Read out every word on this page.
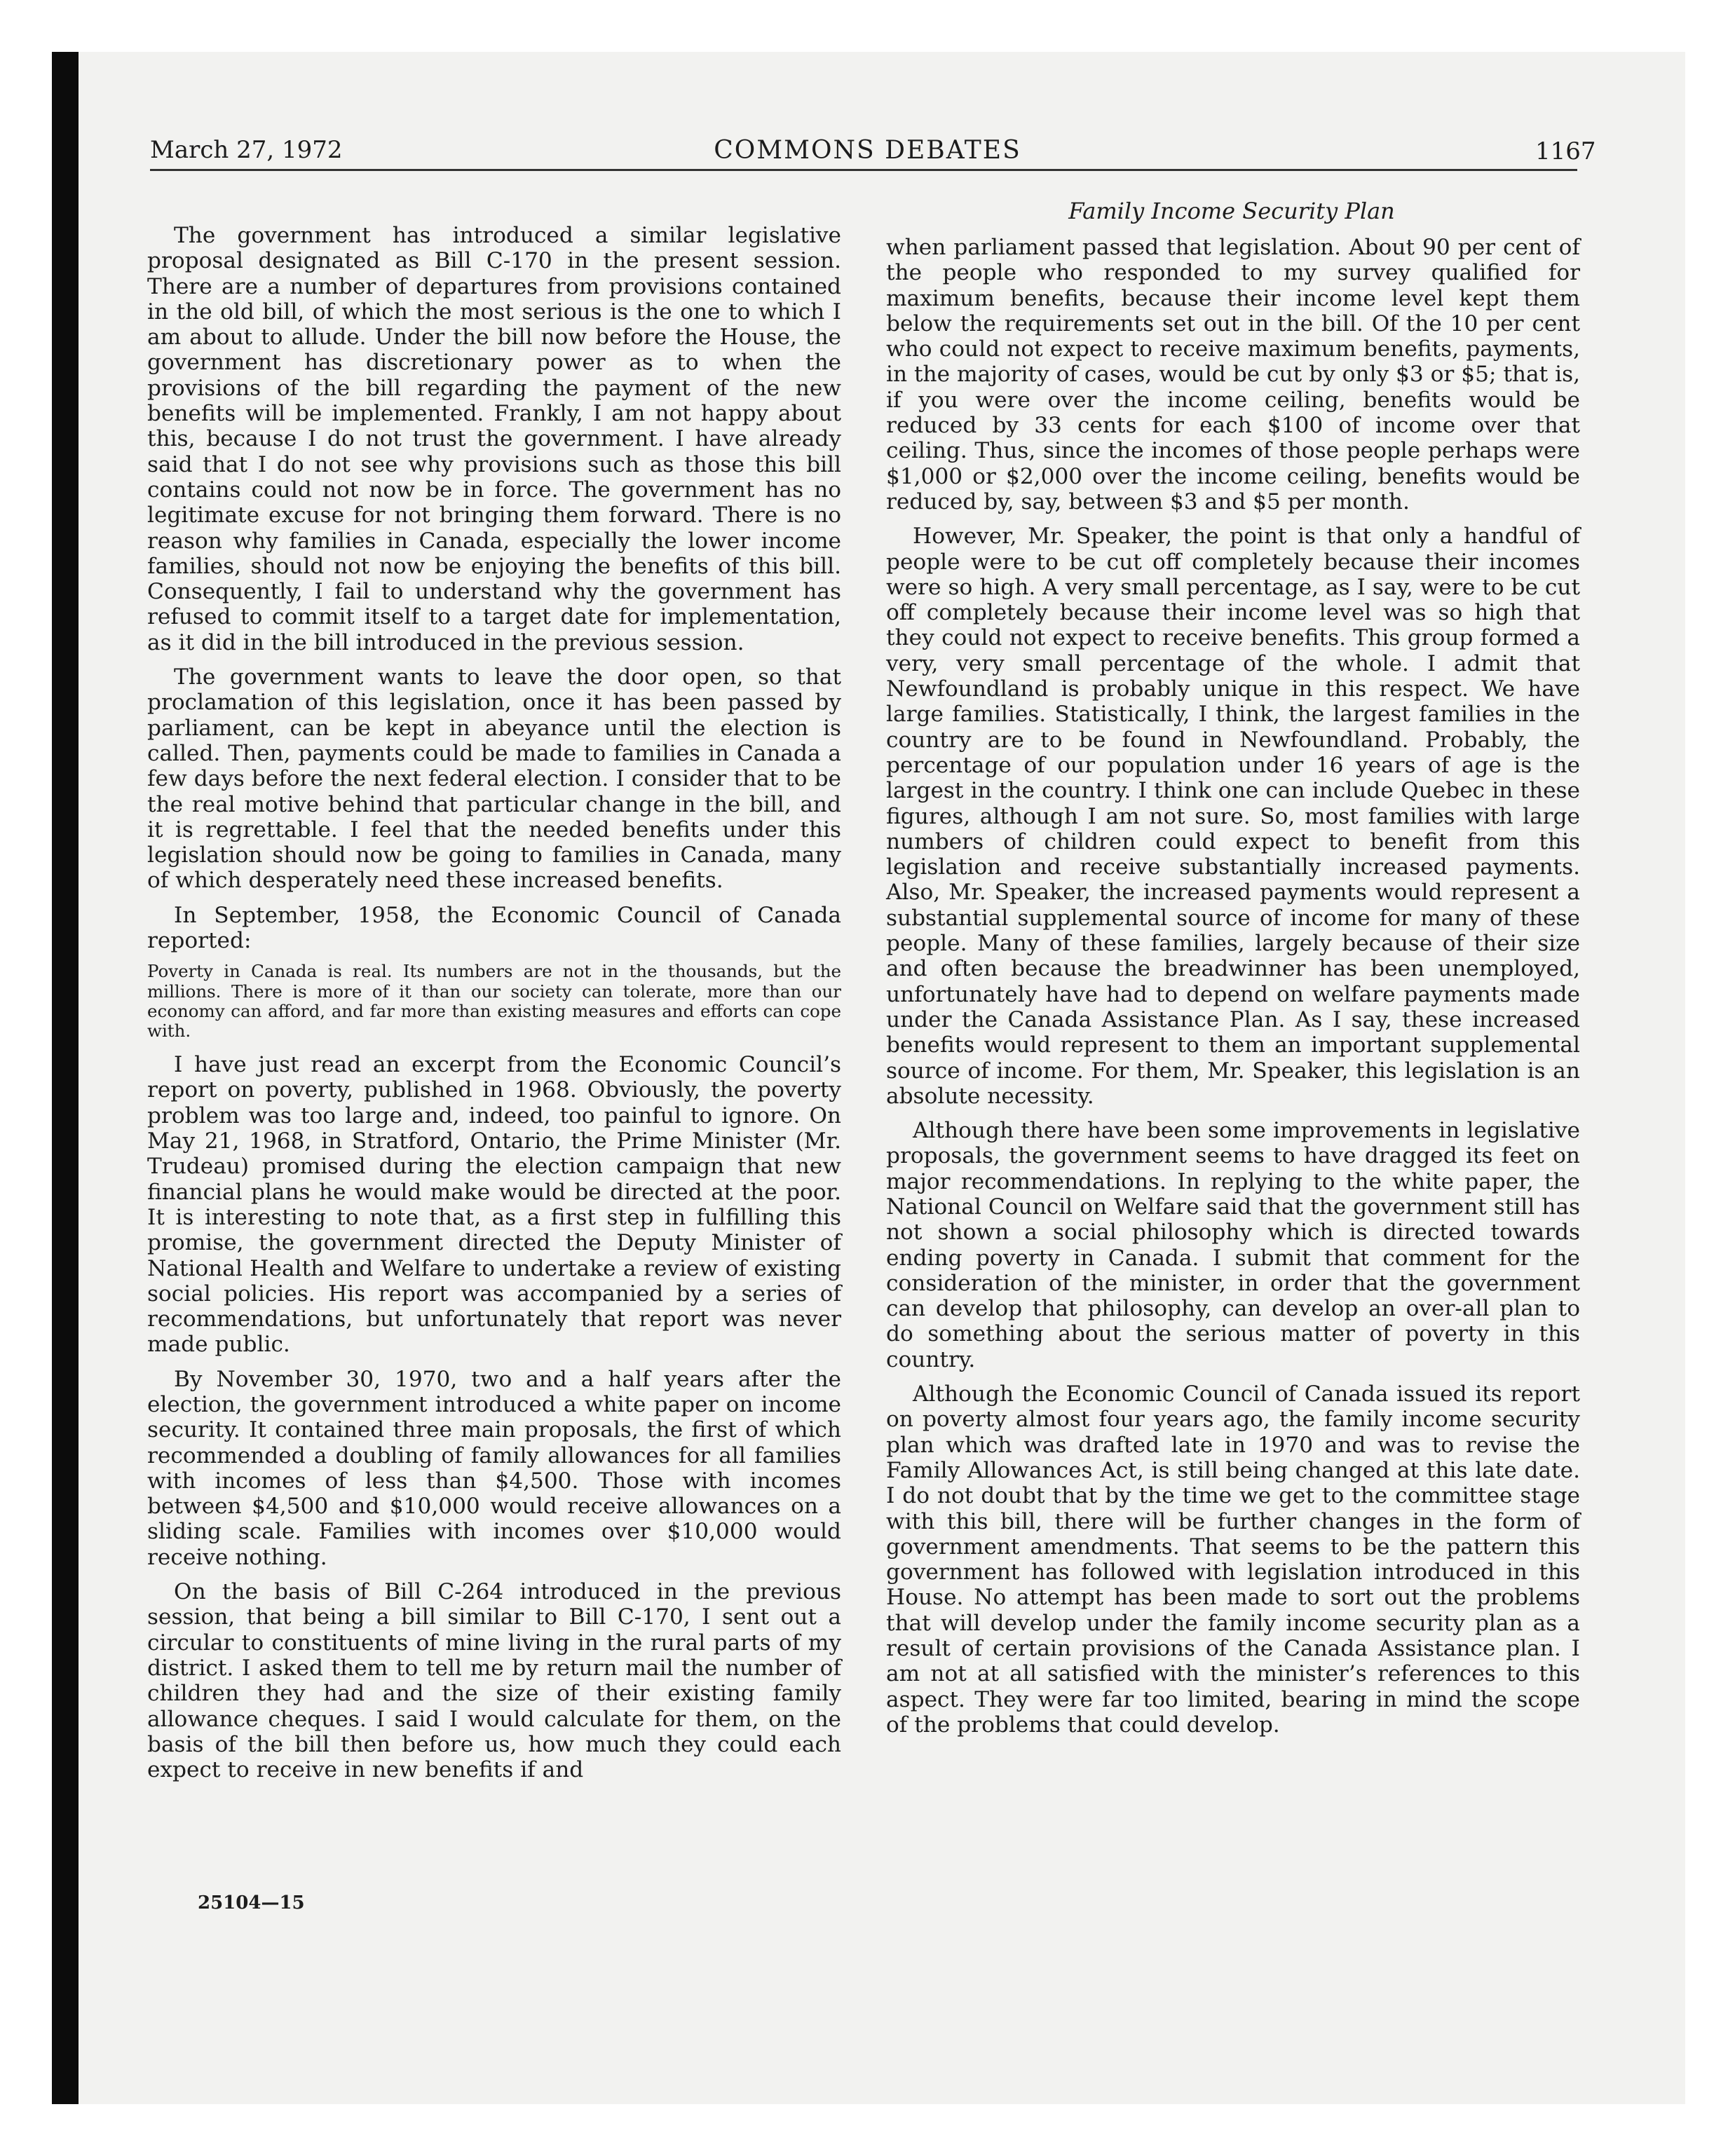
March 27, 1972	COMMONS DEBATES	1167
Family Income Security Plan

The government has introduced a similar legislative proposal designated as Bill C-170 in the present session. There are a number of departures from provisions contained in the old bill, of which the most serious is the one to which I am about to allude. Under the bill now before the House, the government has discretionary power as to when the provisions of the bill regarding the payment of the new benefits will be implemented. Frankly, I am not happy about this, because I do not trust the government. I have already said that I do not see why provisions such as those this bill contains could not now be in force. The government has no legitimate excuse for not bringing them forward. There is no reason why families in Canada, especially the lower income families, should not now be enjoying the benefits of this bill. Consequently, I fail to understand why the government has refused to commit itself to a target date for implementation, as it did in the bill introduced in the previous session.

The government wants to leave the door open, so that proclamation of this legislation, once it has been passed by parliament, can be kept in abeyance until the election is called. Then, payments could be made to families in Canada a few days before the next federal election. I consider that to be the real motive behind that particular change in the bill, and it is regrettable. I feel that the needed benefits under this legislation should now be going to families in Canada, many of which desperately need these increased benefits.

In September, 1958, the Economic Council of Canada reported:

Poverty in Canada is real. Its numbers are not in the thousands, but the millions. There is more of it than our society can tolerate, more than our economy can afford, and far more than existing measures and efforts can cope with.

I have just read an excerpt from the Economic Council’s report on poverty, published in 1968. Obviously, the poverty problem was too large and, indeed, too painful to ignore. On May 21, 1968, in Stratford, Ontario, the Prime Minister (Mr. Trudeau) promised during the election campaign that new financial plans he would make would be directed at the poor. It is interesting to note that, as a first step in fulfilling this promise, the government directed the Deputy Minister of National Health and Welfare to undertake a review of existing social policies. His report was accompanied by a series of recommendations, but unfortunately that report was never made public.

By November 30, 1970, two and a half years after the election, the government introduced a white paper on income security. It contained three main proposals, the first of which recommended a doubling of family allowances for all families with incomes of less than $4,500. Those with incomes between $4,500 and $10,000 would receive allowances on a sliding scale. Families with incomes over $10,000 would receive nothing.

On the basis of Bill C-264 introduced in the previous session, that being a bill similar to Bill C-170, I sent out a circular to constituents of mine living in the rural parts of my district. I asked them to tell me by return mail the number of children they had and the size of their existing family allowance cheques. I said I would calculate for them, on the basis of the bill then before us, how much they could each expect to receive in new benefits if and

when parliament passed that legislation. About 90 per cent of the people who responded to my survey qualified for maximum benefits, because their income level kept them below the requirements set out in the bill. Of the 10 per cent who could not expect to receive maximum benefits, payments, in the majority of cases, would be cut by only $3 or $5; that is, if you were over the income ceiling, benefits would be reduced by 33 cents for each $100 of income over that ceiling. Thus, since the incomes of those people perhaps were $1,000 or $2,000 over the income ceiling, benefits would be reduced by, say, between $3 and $5 per month.

However, Mr. Speaker, the point is that only a handful of people were to be cut off completely because their incomes were so high. A very small percentage, as I say, were to be cut off completely because their income level was so high that they could not expect to receive benefits. This group formed a very, very small percentage of the whole. I admit that Newfoundland is probably unique in this respect. We have large families. Statistically, I think, the largest families in the country are to be found in Newfoundland. Probably, the percentage of our population under 16 years of age is the largest in the country. I think one can include Quebec in these figures, although I am not sure. So, most families with large numbers of children could expect to benefit from this legislation and receive substantially increased payments. Also, Mr. Speaker, the increased payments would represent a substantial supplemental source of income for many of these people. Many of these families, largely because of their size and often because the breadwinner has been unemployed, unfortunately have had to depend on welfare payments made under the Canada Assistance Plan. As I say, these increased benefits would represent to them an important supplemental source of income. For them, Mr. Speaker, this legislation is an absolute necessity.

Although there have been some improvements in legislative proposals, the government seems to have dragged its feet on major recommendations. In replying to the white paper, the National Council on Welfare said that the government still has not shown a social philosophy which is directed towards ending poverty in Canada. I submit that comment for the consideration of the minister, in order that the government can develop that philosophy, can develop an over-all plan to do something about the serious matter of poverty in this country.

Although the Economic Council of Canada issued its report on poverty almost four years ago, the family income security plan which was drafted late in 1970 and was to revise the Family Allowances Act, is still being changed at this late date. I do not doubt that by the time we get to the committee stage with this bill, there will be further changes in the form of government amendments. That seems to be the pattern this government has followed with legislation introduced in this House. No attempt has been made to sort out the problems that will develop under the family income security plan as a result of certain provisions of the Canada Assistance plan. I am not at all satisfied with the minister’s references to this aspect. They were far too limited, bearing in mind the scope of the problems that could develop.

25104—15
